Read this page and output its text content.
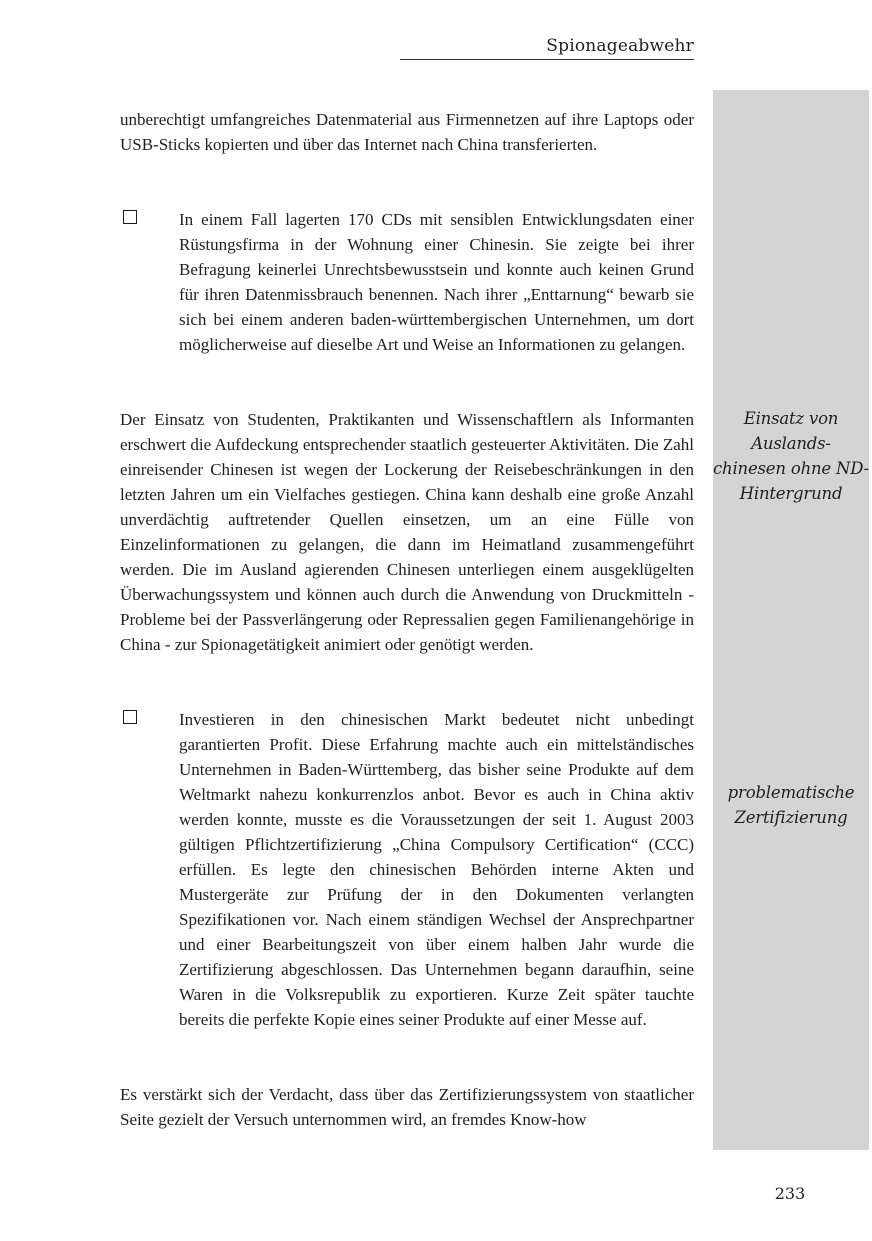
Spionageabwehr
Einsatz von
Auslands-
chinesen ohne ND-
Hintergrund
problematische
Zertifizierung

unberechtigt umfangreiches Datenmaterial aus Firmennetzen auf ihre Laptops oder USB-Sticks kopierten und über das Internet nach China transferierten.

In einem Fall lagerten 170 CDs mit sensiblen Entwicklungsdaten einer Rüstungsfirma in der Wohnung einer Chinesin. Sie zeigte bei ihrer Befragung keinerlei Unrechtsbewusstsein und konnte auch keinen Grund für ihren Datenmissbrauch benennen. Nach ihrer „Enttarnung“ bewarb sie sich bei einem anderen baden-württembergischen Unternehmen, um dort möglicherweise auf dieselbe Art und Weise an Informationen zu gelangen.

Der Einsatz von Studenten, Praktikanten und Wissenschaftlern als Informanten erschwert die Aufdeckung entsprechender staatlich gesteuerter Aktivitäten. Die Zahl einreisender Chinesen ist wegen der Lockerung der Reisebeschränkungen in den letzten Jahren um ein Vielfaches gestiegen. China kann deshalb eine große Anzahl unverdächtig auftretender Quellen einsetzen, um an eine Fülle von Einzelinformationen zu gelangen, die dann im Heimatland zusammengeführt werden. Die im Ausland agierenden Chinesen unterliegen einem ausgeklügelten Überwachungssystem und können auch durch die Anwendung von Druckmitteln - Probleme bei der Passverlängerung oder Repressalien gegen Familienangehörige in China - zur Spionagetätigkeit animiert oder genötigt werden.

Investieren in den chinesischen Markt bedeutet nicht unbedingt garantierten Profit. Diese Erfahrung machte auch ein mittelständisches Unternehmen in Baden-Württemberg, das bisher seine Produkte auf dem Weltmarkt nahezu konkurrenzlos anbot. Bevor es auch in China aktiv werden konnte, musste es die Voraussetzungen der seit 1. August 2003 gültigen Pflichtzertifizierung „China Compulsory Certification“ (CCC) erfüllen. Es legte den chinesischen Behörden interne Akten und Mustergeräte zur Prüfung der in den Dokumenten verlangten Spezifikationen vor. Nach einem ständigen Wechsel der Ansprechpartner und einer Bearbeitungszeit von über einem halben Jahr wurde die Zertifizierung abgeschlossen. Das Unternehmen begann daraufhin, seine Waren in die Volksrepublik zu exportieren. Kurze Zeit später tauchte bereits die perfekte Kopie eines seiner Produkte auf einer Messe auf.

Es verstärkt sich der Verdacht, dass über das Zertifizierungssystem von staatlicher Seite gezielt der Versuch unternommen wird, an fremdes Know-how

233
